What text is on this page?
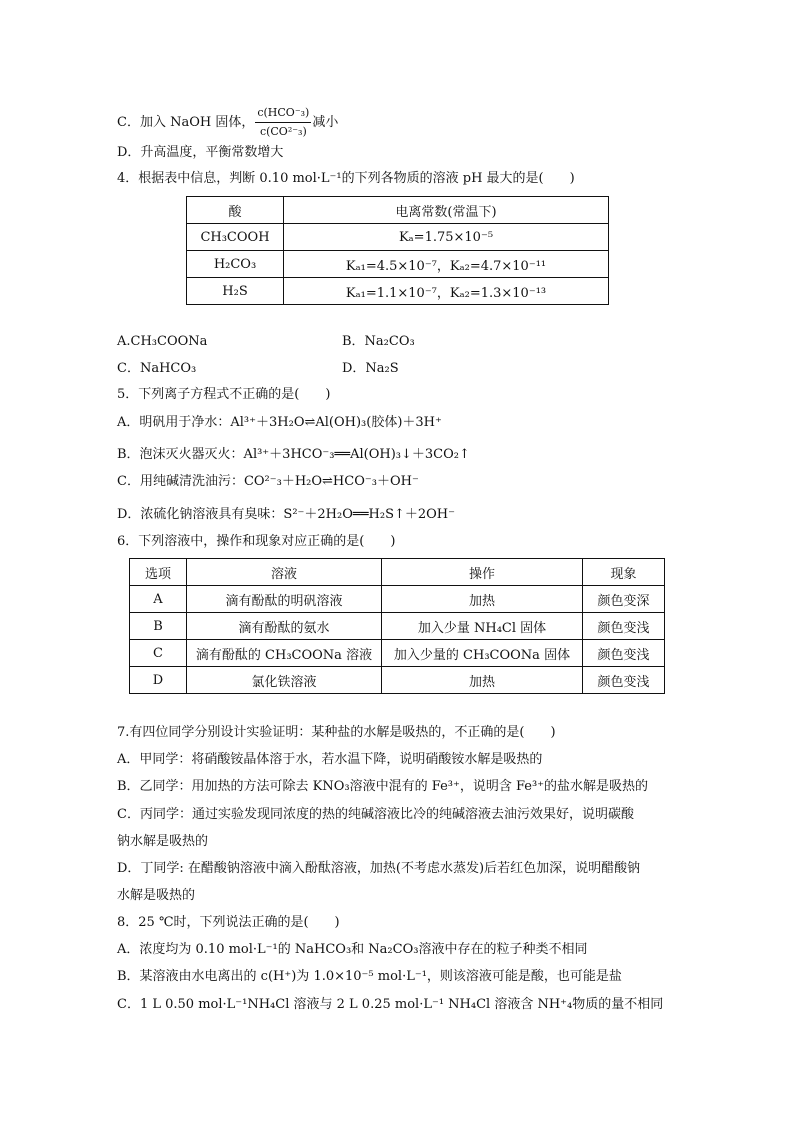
C．加入 NaOH 固体， $\frac{\text{c(HCO⁻₃)}}{\text{c(CO²⁻₃)}}$ 减小
D．升高温度，平衡常数增大
4．根据表中信息，判断 0.10 mol·L⁻¹的下列各物质的溶液 pH 最大的是(　　)
酸	电离常数(常温下)
CH₃COOH	Kₐ=1.75×10⁻⁵
H₂CO₃	Kₐ₁=4.5×10⁻⁷，Kₐ₂=4.7×10⁻¹¹
H₂S	Kₐ₁=1.1×10⁻⁷，Kₐ₂=1.3×10⁻¹³
A.CH₃COONa	B．Na₂CO₃
C．NaHCO₃	D．Na₂S
5．下列离子方程式不正确的是(　　)
A．明矾用于净水：Al³⁺＋3H₂O⇌Al(OH)₃(胶体)＋3H⁺
B．泡沫灭火器灭火：Al³⁺＋3HCO⁻₃══Al(OH)₃↓＋3CO₂↑
C．用纯碱清洗油污：CO²⁻₃＋H₂O⇌HCO⁻₃＋OH⁻
D．浓硫化钠溶液具有臭味：S²⁻＋2H₂O══H₂S↑＋2OH⁻
6．下列溶液中，操作和现象对应正确的是(　　)
选项	溶液	操作	现象
A	滴有酚酞的明矾溶液	加热	颜色变深
B	滴有酚酞的氨水	加入少量 NH₄Cl 固体	颜色变浅
C	滴有酚酞的 CH₃COONa 溶液	加入少量的 CH₃COONa 固体	颜色变浅
D	氯化铁溶液	加热	颜色变浅
7.有四位同学分别设计实验证明：某种盐的水解是吸热的，不正确的是(　　)
A．甲同学：将硝酸铵晶体溶于水，若水温下降，说明硝酸铵水解是吸热的
B．乙同学：用加热的方法可除去 KNO₃溶液中混有的 Fe³⁺，说明含 Fe³⁺的盐水解是吸热的
C．丙同学：通过实验发现同浓度的热的纯碱溶液比冷的纯碱溶液去油污效果好，说明碳酸
钠水解是吸热的
D．丁同学: 在醋酸钠溶液中滴入酚酞溶液，加热(不考虑水蒸发)后若红色加深，说明醋酸钠
水解是吸热的
8．25 ℃时，下列说法正确的是(　　)
A．浓度均为 0.10 mol·L⁻¹的 NaHCO₃和 Na₂CO₃溶液中存在的粒子种类不相同
B．某溶液由水电离出的 c(H⁺)为 1.0×10⁻⁵ mol·L⁻¹，则该溶液可能是酸，也可能是盐
C．1 L 0.50 mol·L⁻¹NH₄Cl 溶液与 2 L 0.25 mol·L⁻¹ NH₄Cl 溶液含 NH⁺₄物质的量不相同
